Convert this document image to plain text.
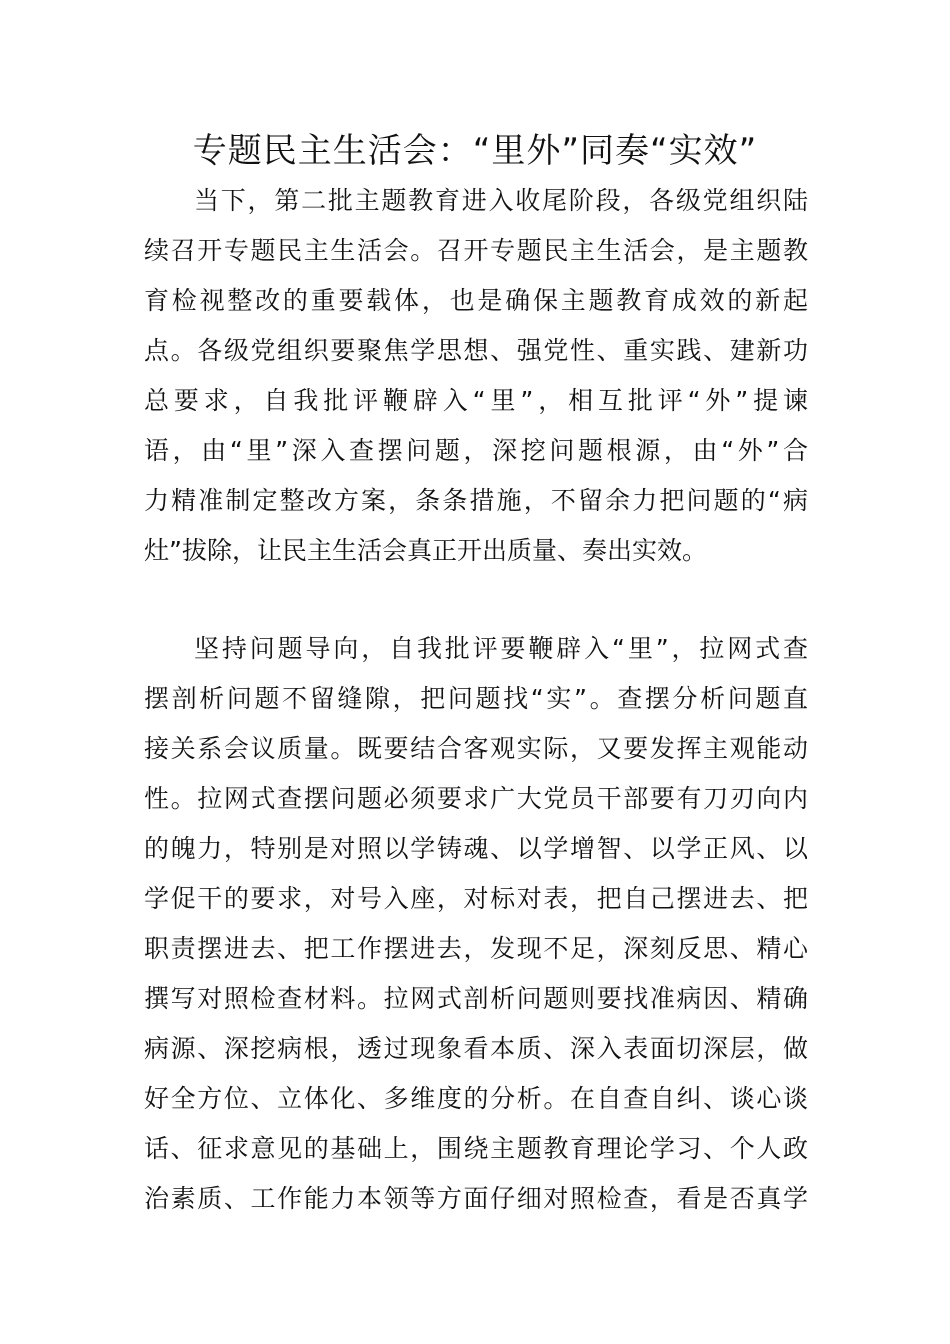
专题民主生活会：“里外”同奏“实效”
当下，第二批主题教育进入收尾阶段，各级党组织陆
续召开专题民主生活会。召开专题民主生活会，是主题教
育检视整改的重要载体，也是确保主题教育成效的新起
点。各级党组织要聚焦学思想、强党性、重实践、建新功
总要求，自我批评鞭辟入“里”，相互批评“外”提谏
语，由“里”深入查摆问题，深挖问题根源，由“外”合
力精准制定整改方案，条条措施，不留余力把问题的“病
灶”拔除，让民主生活会真正开出质量、奏出实效。
坚持问题导向，自我批评要鞭辟入“里”，拉网式查
摆剖析问题不留缝隙，把问题找“实”。查摆分析问题直
接关系会议质量。既要结合客观实际，又要发挥主观能动
性。拉网式查摆问题必须要求广大党员干部要有刀刃向内
的魄力，特别是对照以学铸魂、以学增智、以学正风、以
学促干的要求，对号入座，对标对表，把自己摆进去、把
职责摆进去、把工作摆进去，发现不足，深刻反思、精心
撰写对照检查材料。拉网式剖析问题则要找准病因、精确
病源、深挖病根，透过现象看本质、深入表面切深层，做
好全方位、立体化、多维度的分析。在自查自纠、谈心谈
话、征求意见的基础上，围绕主题教育理论学习、个人政
治素质、工作能力本领等方面仔细对照检查，看是否真学
